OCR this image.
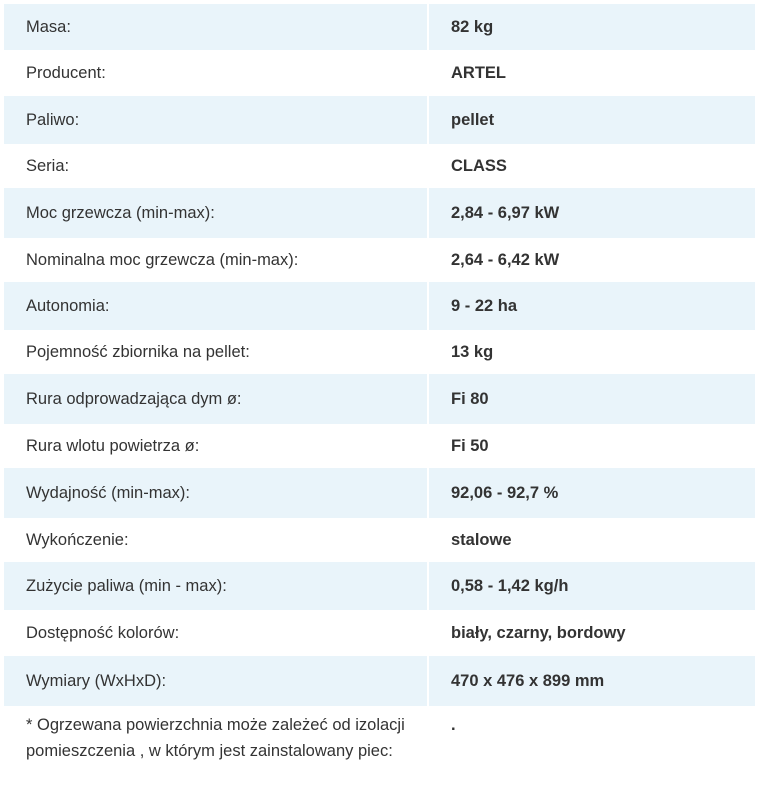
Masa:	82 kg
Producent:	ARTEL
Paliwo:	pellet
Seria:	CLASS
Moc grzewcza (min-max):	2,84 - 6,97 kW
Nominalna moc grzewcza (min-max):	2,64 - 6,42 kW
Autonomia:	9 - 22 ha
Pojemność zbiornika na pellet:	13 kg
Rura odprowadzająca dym ø:	Fi 80
Rura wlotu powietrza ø:	Fi 50
Wydajność (min-max):	92,06 - 92,7 %
Wykończenie:	stalowe
Zużycie paliwa (min - max):	0,58 - 1,42 kg/h
Dostępność kolorów:	biały, czarny, bordowy
Wymiary (WxHxD):	470 x 476 x 899 mm
* Ogrzewana powierzchnia może zależeć od izolacji pomieszczenia , w którym jest zainstalowany piec:	.
